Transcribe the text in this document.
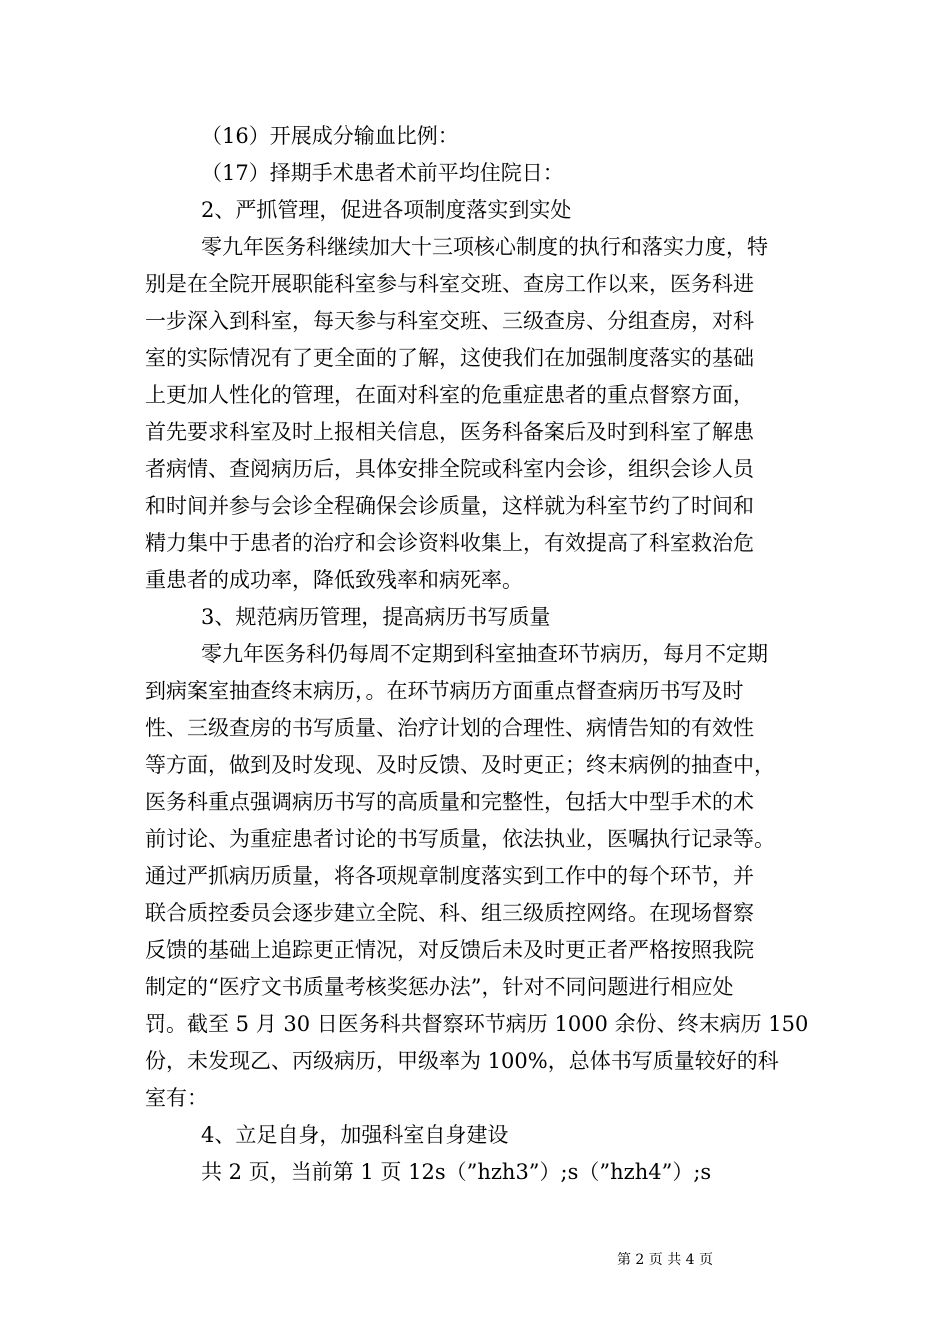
（16）开展成分输血比例：
（17）择期手术患者术前平均住院日：
2、严抓管理，促进各项制度落实到实处
零九年医务科继续加大十三项核心制度的执行和落实力度，特
别是在全院开展职能科室参与科室交班、查房工作以来，医务科进
一步深入到科室，每天参与科室交班、三级查房、分组查房，对科
室的实际情况有了更全面的了解，这使我们在加强制度落实的基础
上更加人性化的管理，在面对科室的危重症患者的重点督察方面，
首先要求科室及时上报相关信息，医务科备案后及时到科室了解患
者病情、查阅病历后，具体安排全院或科室内会诊，组织会诊人员
和时间并参与会诊全程确保会诊质量，这样就为科室节约了时间和
精力集中于患者的治疗和会诊资料收集上，有效提高了科室救治危
重患者的成功率，降低致残率和病死率。
3、规范病历管理，提高病历书写质量
零九年医务科仍每周不定期到科室抽查环节病历，每月不定期
到病案室抽查终末病历，。在环节病历方面重点督查病历书写及时
性、三级查房的书写质量、治疗计划的合理性、病情告知的有效性
等方面，做到及时发现、及时反馈、及时更正；终末病例的抽查中，
医务科重点强调病历书写的高质量和完整性，包括大中型手术的术
前讨论、为重症患者讨论的书写质量，依法执业，医嘱执行记录等。
通过严抓病历质量，将各项规章制度落实到工作中的每个环节，并
联合质控委员会逐步建立全院、科、组三级质控网络。在现场督察
反馈的基础上追踪更正情况，对反馈后未及时更正者严格按照我院
制定的“医疗文书质量考核奖惩办法”，针对不同问题进行相应处
罚。截至 5 月 30 日医务科共督察环节病历 1000 余份、终末病历 150
份，未发现乙、丙级病历，甲级率为 100%，总体书写质量较好的科
室有：
4、立足自身，加强科室自身建设
共 2 页，当前第 1 页 12s（”hzh3”）;s（”hzh4”）;s
第 2 页 共 4 页
